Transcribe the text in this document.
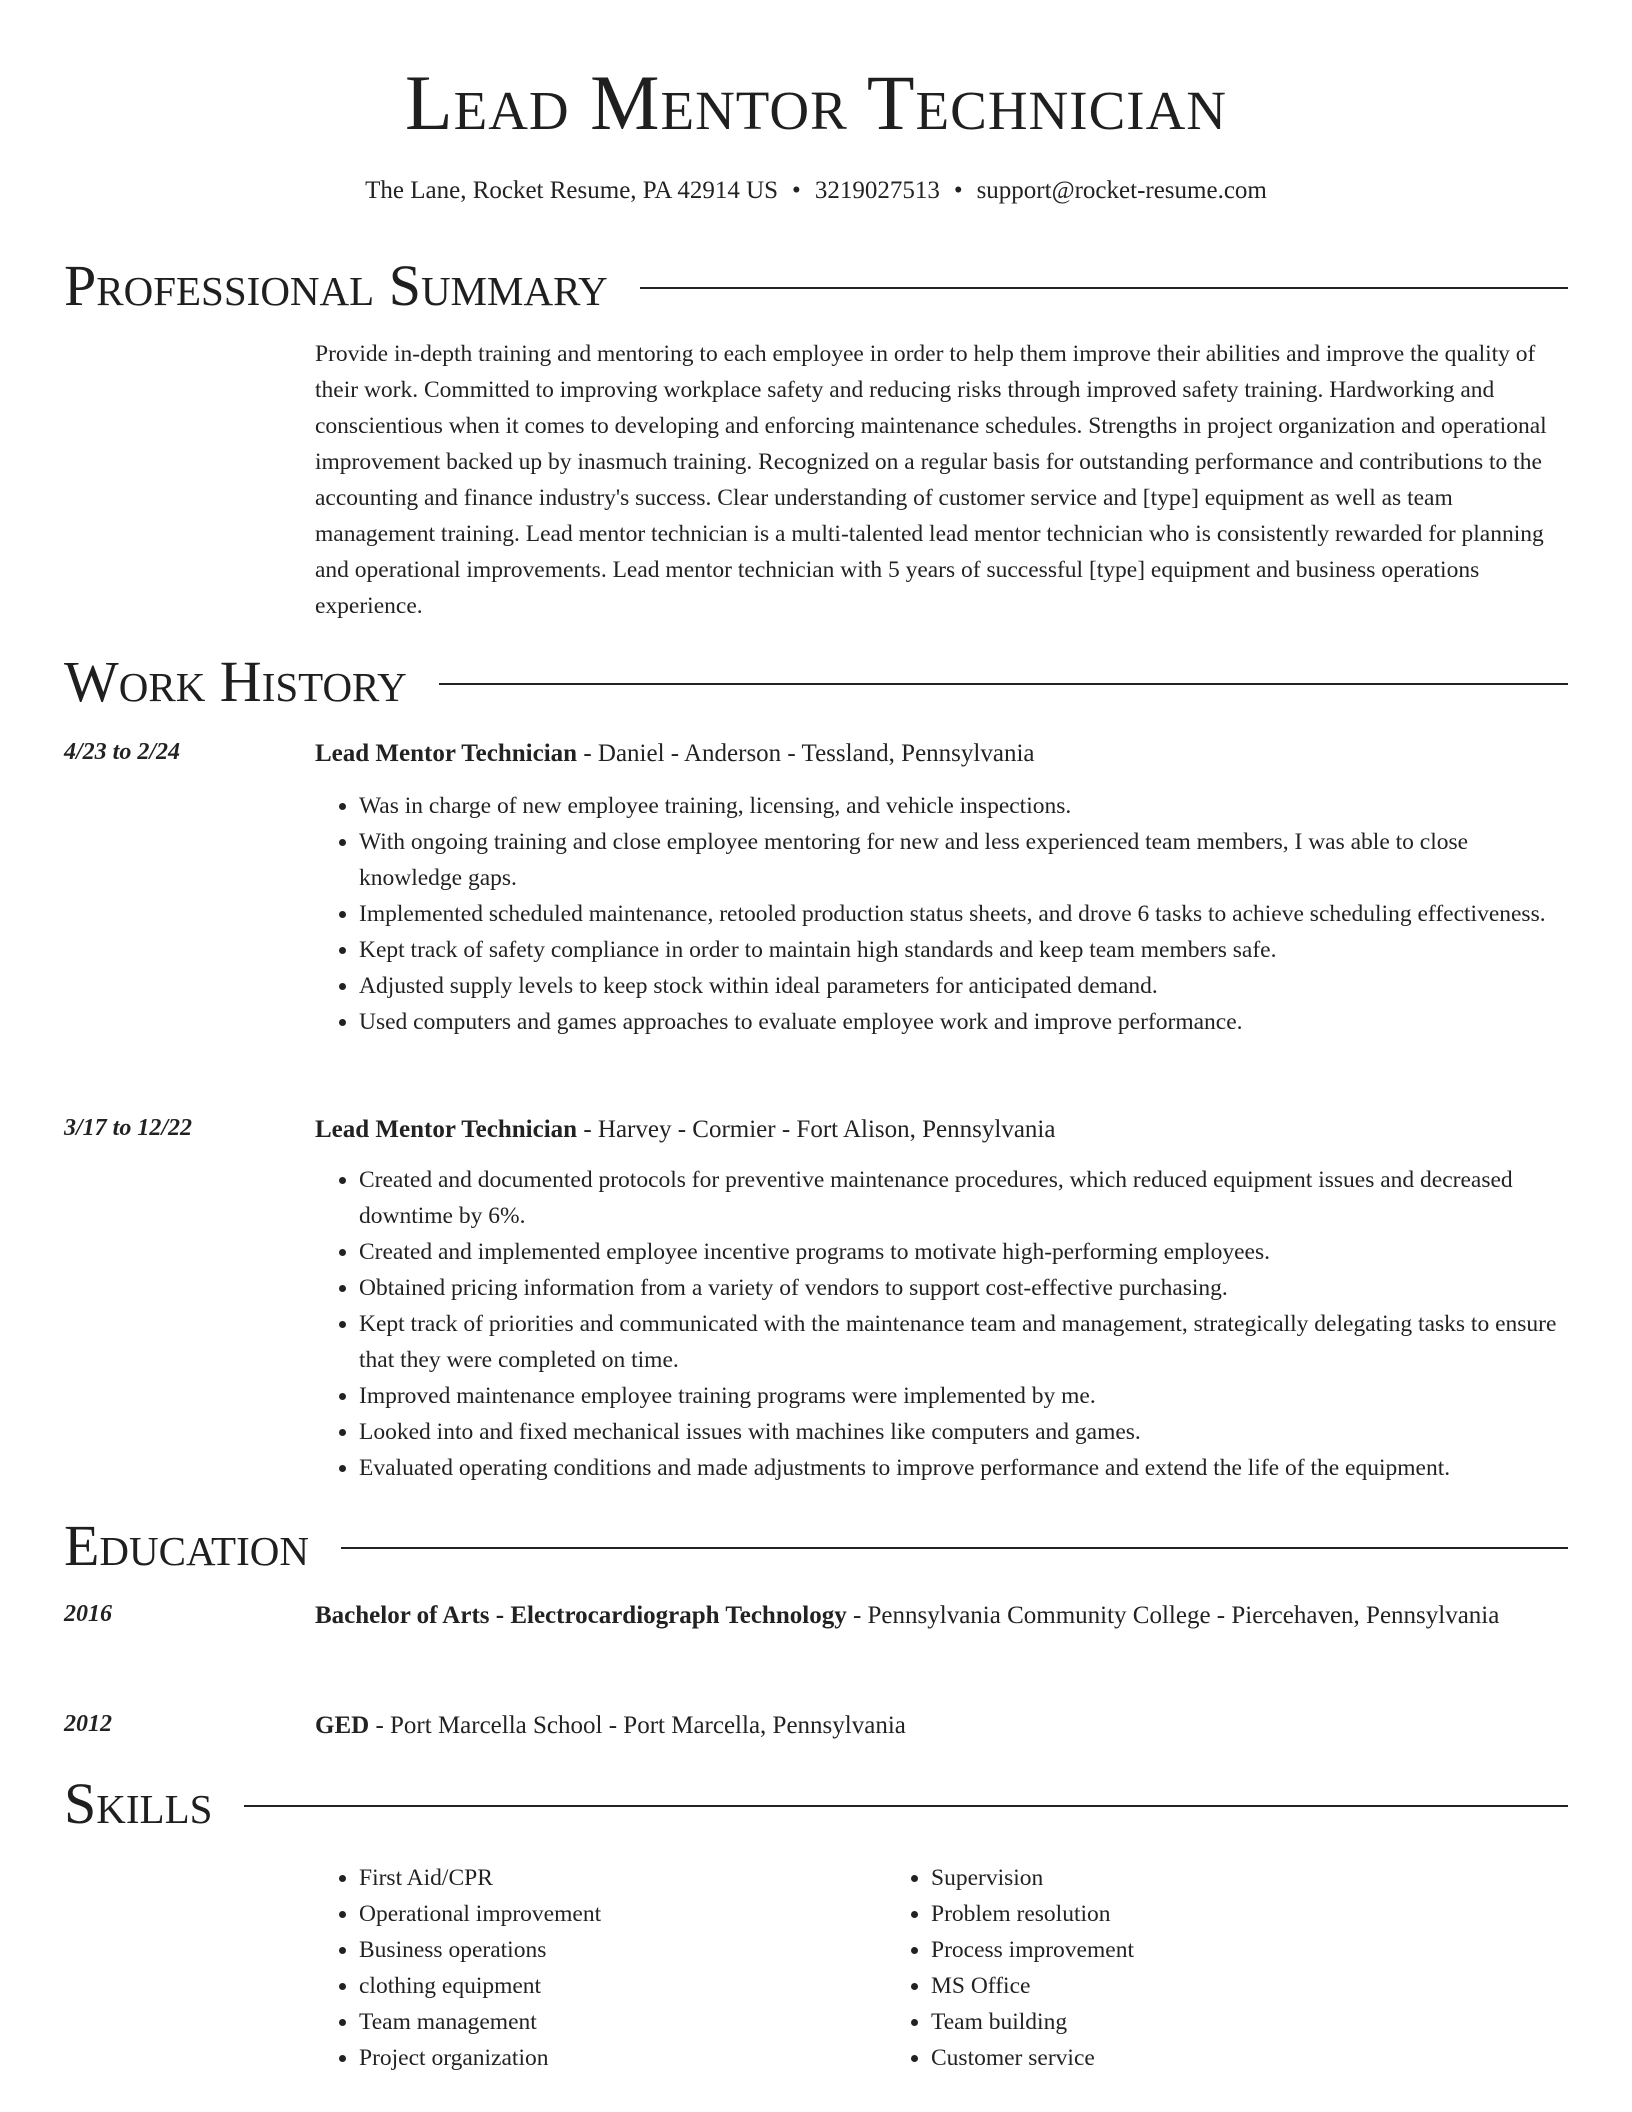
Lead Mentor Technician
The Lane, Rocket Resume, PA 42914 US • 3219027513 • support@rocket-resume.com
Professional Summary

Provide in-depth training and mentoring to each employee in order to help them improve their abilities and improve the quality of their work. Committed to improving workplace safety and reducing risks through improved safety training. Hardworking and conscientious when it comes to developing and enforcing maintenance schedules. Strengths in project organization and operational improvement backed up by inasmuch training. Recognized on a regular basis for outstanding performance and contributions to the accounting and finance industry's success. Clear understanding of customer service and [type] equipment as well as team management training. Lead mentor technician is a multi-talented lead mentor technician who is consistently rewarded for planning and operational improvements. Lead mentor technician with 5 years of successful [type] equipment and business operations experience.

Work History
4/23 to 2/24	Lead Mentor Technician - Daniel - Anderson - Tessland, Pennsylvania
• Was in charge of new employee training, licensing, and vehicle inspections.
• With ongoing training and close employee mentoring for new and less experienced team members, I was able to close knowledge gaps.
• Implemented scheduled maintenance, retooled production status sheets, and drove 6 tasks to achieve scheduling effectiveness.
• Kept track of safety compliance in order to maintain high standards and keep team members safe.
• Adjusted supply levels to keep stock within ideal parameters for anticipated demand.
• Used computers and games approaches to evaluate employee work and improve performance.
3/17 to 12/22	Lead Mentor Technician - Harvey - Cormier - Fort Alison, Pennsylvania
• Created and documented protocols for preventive maintenance procedures, which reduced equipment issues and decreased downtime by 6%.
• Created and implemented employee incentive programs to motivate high-performing employees.
• Obtained pricing information from a variety of vendors to support cost-effective purchasing.
• Kept track of priorities and communicated with the maintenance team and management, strategically delegating tasks to ensure that they were completed on time.
• Improved maintenance employee training programs were implemented by me.
• Looked into and fixed mechanical issues with machines like computers and games.
• Evaluated operating conditions and made adjustments to improve performance and extend the life of the equipment.
Education
2016	Bachelor of Arts - Electrocardiograph Technology - Pennsylvania Community College - Piercehaven, Pennsylvania
2012	GED - Port Marcella School - Port Marcella, Pennsylvania
Skills
• First Aid/CPR
• Operational improvement
• Business operations
• clothing equipment
• Team management
• Project organization
• Supervision
• Problem resolution
• Process improvement
• MS Office
• Team building
• Customer service
